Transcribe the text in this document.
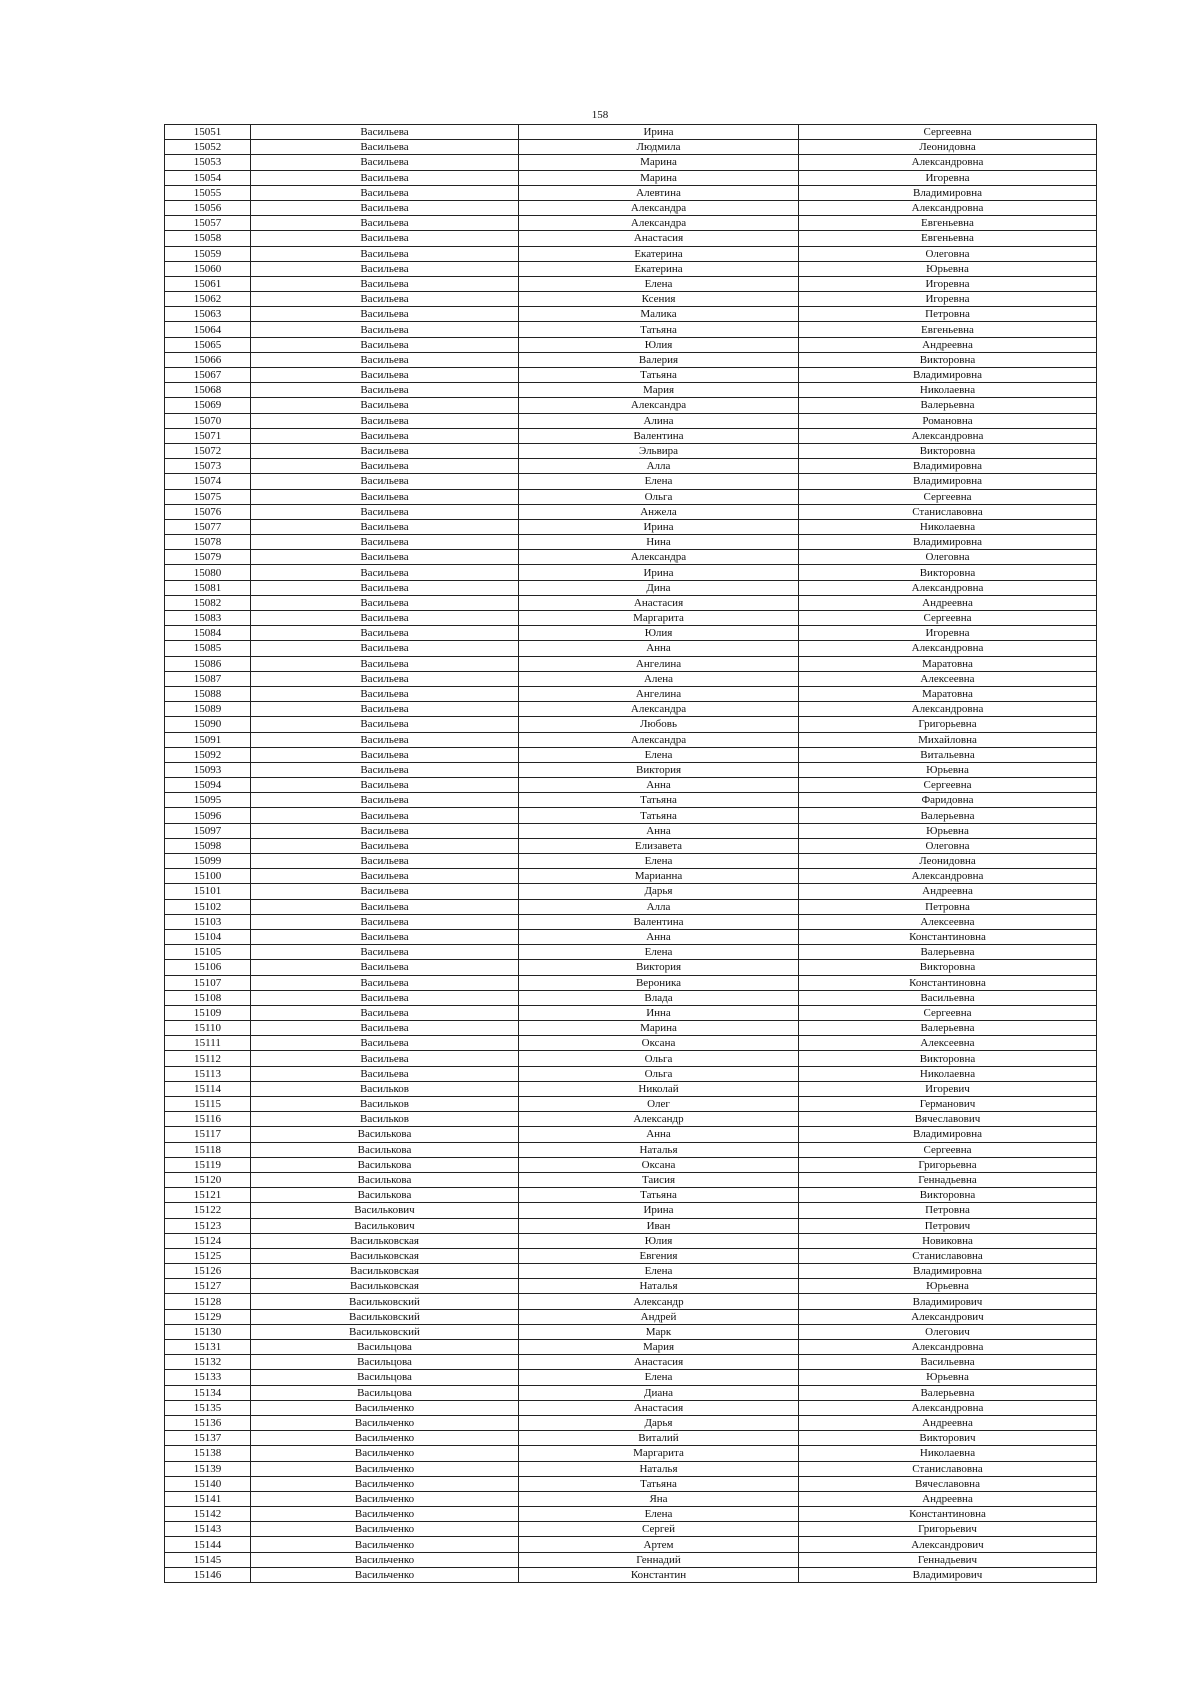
158
15051	Васильева	Ирина	Сергеевна
15052	Васильева	Людмила	Леонидовна
15053	Васильева	Марина	Александровна
15054	Васильева	Марина	Игоревна
15055	Васильева	Алевтина	Владимировна
15056	Васильева	Александра	Александровна
15057	Васильева	Александра	Евгеньевна
15058	Васильева	Анастасия	Евгеньевна
15059	Васильева	Екатерина	Олеговна
15060	Васильева	Екатерина	Юрьевна
15061	Васильева	Елена	Игоревна
15062	Васильева	Ксения	Игоревна
15063	Васильева	Малика	Петровна
15064	Васильева	Татьяна	Евгеньевна
15065	Васильева	Юлия	Андреевна
15066	Васильева	Валерия	Викторовна
15067	Васильева	Татьяна	Владимировна
15068	Васильева	Мария	Николаевна
15069	Васильева	Александра	Валерьевна
15070	Васильева	Алина	Романовна
15071	Васильева	Валентина	Александровна
15072	Васильева	Эльвира	Викторовна
15073	Васильева	Алла	Владимировна
15074	Васильева	Елена	Владимировна
15075	Васильева	Ольга	Сергеевна
15076	Васильева	Анжела	Станиславовна
15077	Васильева	Ирина	Николаевна
15078	Васильева	Нина	Владимировна
15079	Васильева	Александра	Олеговна
15080	Васильева	Ирина	Викторовна
15081	Васильева	Дина	Александровна
15082	Васильева	Анастасия	Андреевна
15083	Васильева	Маргарита	Сергеевна
15084	Васильева	Юлия	Игоревна
15085	Васильева	Анна	Александровна
15086	Васильева	Ангелина	Маратовна
15087	Васильева	Алена	Алексеевна
15088	Васильева	Ангелина	Маратовна
15089	Васильева	Александра	Александровна
15090	Васильева	Любовь	Григорьевна
15091	Васильева	Александра	Михайловна
15092	Васильева	Елена	Витальевна
15093	Васильева	Виктория	Юрьевна
15094	Васильева	Анна	Сергеевна
15095	Васильева	Татьяна	Фаридовна
15096	Васильева	Татьяна	Валерьевна
15097	Васильева	Анна	Юрьевна
15098	Васильева	Елизавета	Олеговна
15099	Васильева	Елена	Леонидовна
15100	Васильева	Марианна	Александровна
15101	Васильева	Дарья	Андреевна
15102	Васильева	Алла	Петровна
15103	Васильева	Валентина	Алексеевна
15104	Васильева	Анна	Константиновна
15105	Васильева	Елена	Валерьевна
15106	Васильева	Виктория	Викторовна
15107	Васильева	Вероника	Константиновна
15108	Васильева	Влада	Васильевна
15109	Васильева	Инна	Сергеевна
15110	Васильева	Марина	Валерьевна
15111	Васильева	Оксана	Алексеевна
15112	Васильева	Ольга	Викторовна
15113	Васильева	Ольга	Николаевна
15114	Васильков	Николай	Игоревич
15115	Васильков	Олег	Германович
15116	Васильков	Александр	Вячеславович
15117	Василькова	Анна	Владимировна
15118	Василькова	Наталья	Сергеевна
15119	Василькова	Оксана	Григорьевна
15120	Василькова	Таисия	Геннадьевна
15121	Василькова	Татьяна	Викторовна
15122	Василькович	Ирина	Петровна
15123	Василькович	Иван	Петрович
15124	Васильковская	Юлия	Новиковна
15125	Васильковская	Евгения	Станиславовна
15126	Васильковская	Елена	Владимировна
15127	Васильковская	Наталья	Юрьевна
15128	Васильковский	Александр	Владимирович
15129	Васильковский	Андрей	Александрович
15130	Васильковский	Марк	Олегович
15131	Васильцова	Мария	Александровна
15132	Васильцова	Анастасия	Васильевна
15133	Васильцова	Елена	Юрьевна
15134	Васильцова	Диана	Валерьевна
15135	Васильченко	Анастасия	Александровна
15136	Васильченко	Дарья	Андреевна
15137	Васильченко	Виталий	Викторович
15138	Васильченко	Маргарита	Николаевна
15139	Васильченко	Наталья	Станиславовна
15140	Васильченко	Татьяна	Вячеславовна
15141	Васильченко	Яна	Андреевна
15142	Васильченко	Елена	Константиновна
15143	Васильченко	Сергей	Григорьевич
15144	Васильченко	Артем	Александрович
15145	Васильченко	Геннадий	Геннадьевич
15146	Васильченко	Константин	Владимирович
